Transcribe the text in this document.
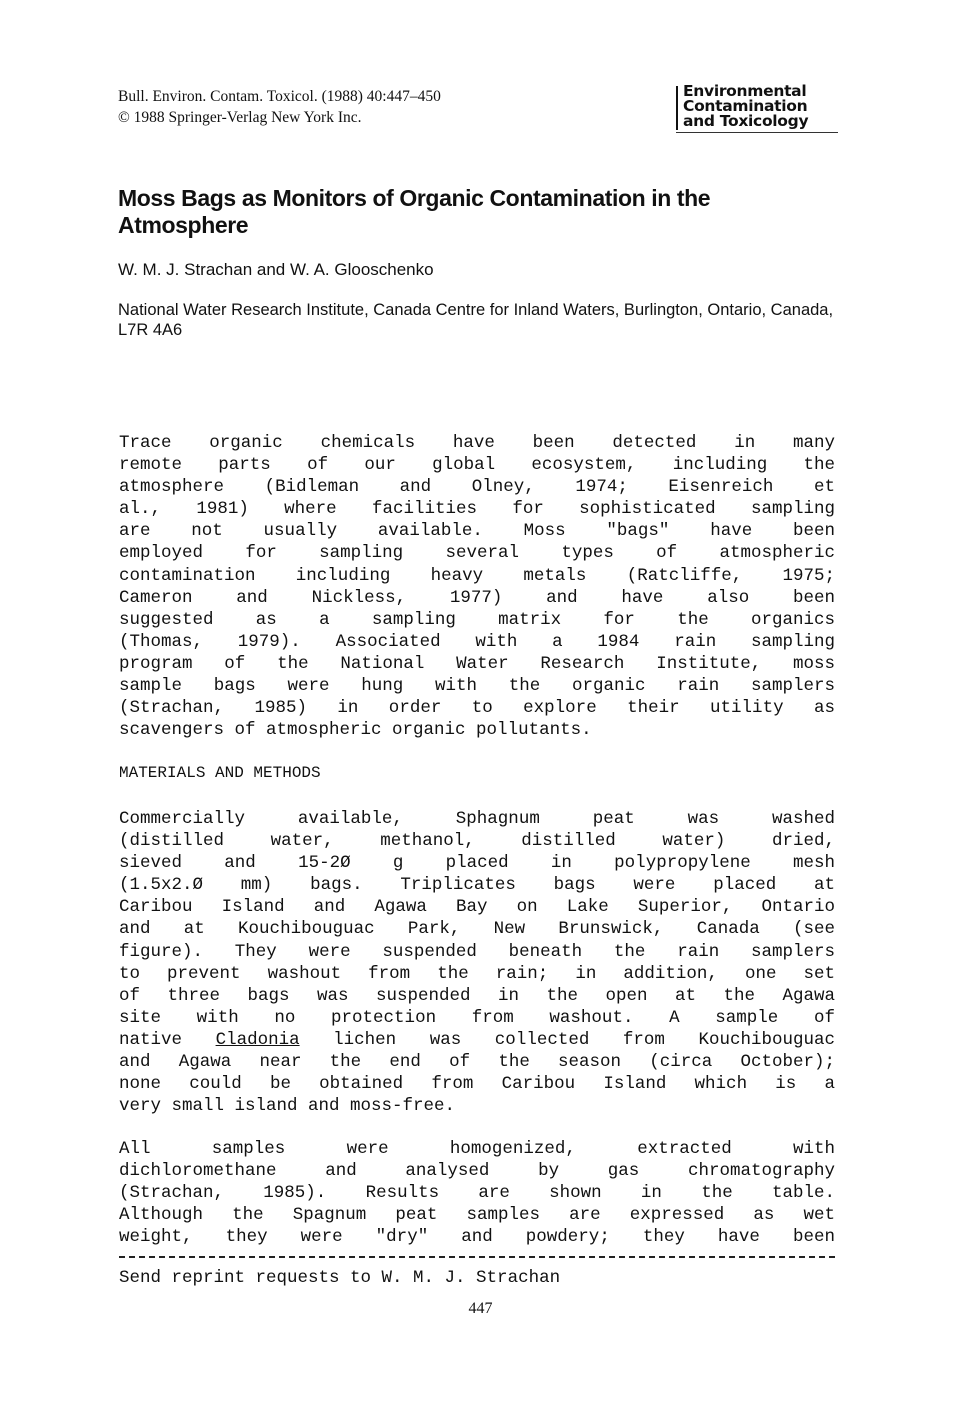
Bull. Environ. Contam. Toxicol. (1988) 40:447–450
© 1988 Springer-Verlag New York Inc.
Environmental
Contamination
and Toxicology
Moss Bags as Monitors of Organic Contamination in the Atmosphere
W. M. J. Strachan and W. A. Glooschenko
National Water Research Institute, Canada Centre for Inland Waters, Burlington, Ontario, Canada, L7R 4A6
Trace organic chemicals have been detected in many
remote parts of our global ecosystem, including the
atmosphere (Bidleman and Olney, 1974; Eisenreich et
al., 1981) where facilities for sophisticated sampling
are not usually available. Moss "bags" have been
employed for sampling several types of atmospheric
contamination including heavy metals (Ratcliffe, 1975;
Cameron and Nickless, 1977) and have also been
suggested as a sampling matrix for the organics
(Thomas, 1979). Associated with a 1984 rain sampling
program of the National Water Research Institute, moss
sample bags were hung with the organic rain samplers
(Strachan, 1985) in order to explore their utility as
scavengers of atmospheric organic pollutants.
MATERIALS AND METHODS
Commercially available, Sphagnum peat was washed
(distilled water, methanol, distilled water) dried,
sieved and 15-2Ø g placed in polypropylene mesh
(1.5x2.Ø mm) bags. Triplicates bags were placed at
Caribou Island and Agawa Bay on Lake Superior, Ontario
and at Kouchibouguac Park, New Brunswick, Canada (see
figure). They were suspended beneath the rain samplers
to prevent washout from the rain; in addition, one set
of three bags was suspended in the open at the Agawa
site with no protection from washout. A sample of
native Cladonia lichen was collected from Kouchibouguac
and Agawa near the end of the season (circa October);
none could be obtained from Caribou Island which is a
very small island and moss-free.
All samples were homogenized, extracted with
dichloromethane and analysed by gas chromatography
(Strachan, 1985). Results are shown in the table.
Although the Spagnum peat samples are expressed as wet
weight, they were "dry" and powdery; they have been
Send reprint requests to W. M. J. Strachan
447
